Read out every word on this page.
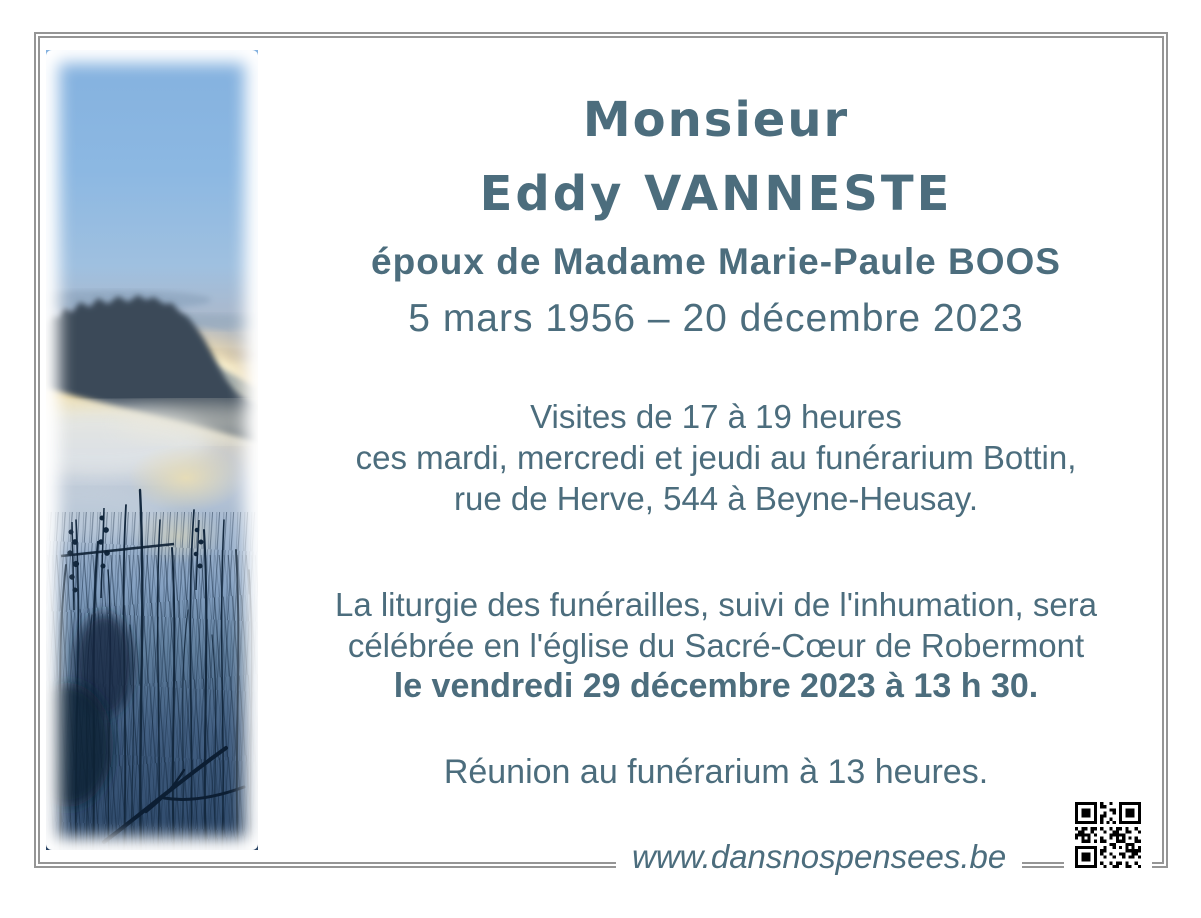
Monsieur
Eddy VANNESTE

époux de Madame Marie-Paule BOOS

5 mars 1956 – 20 décembre 2023

Visites de 17 à 19 heures
ces mardi, mercredi et jeudi au funérarium Bottin,
rue de Herve, 544 à Beyne-Heusay.

La liturgie des funérailles, suivi de l'inhumation, sera
célébrée en l'église du Sacré-Cœur de Robermont
le vendredi 29 décembre 2023 à 13 h 30.

Réunion au funérarium à 13 heures.

www.dansnospensees.be
